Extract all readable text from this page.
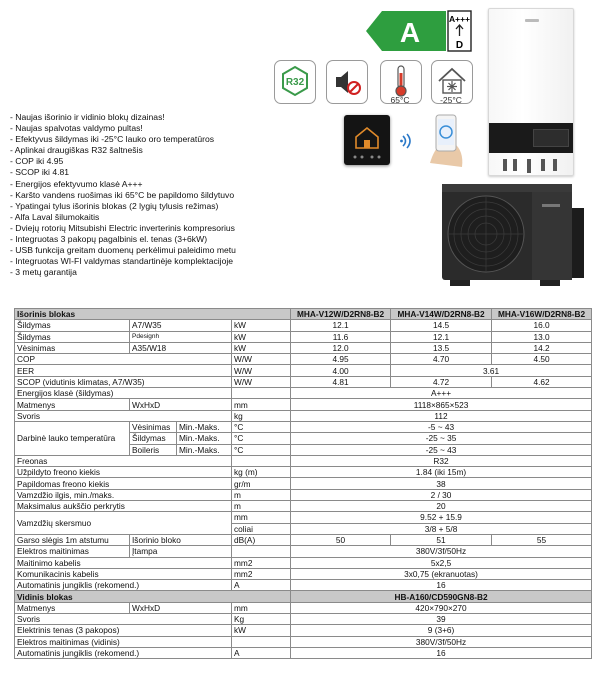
A	A+++
D
R32
65°C	-25°C
- Naujas išorinio ir vidinio blokų dizainas!
- Naujas spalvotas valdymo pultas!
- Efektyvus šildymas iki -25°C lauko oro temperatūros
- Aplinkai draugiškas R32 šaltnešis
- COP iki 4.95
- SCOP iki 4.81
- Energijos efektyvumo klasė A+++
- Karšto vandens ruošimas iki 65°C be papildomo šildytuvo
- Ypatingai tylus išorinis blokas (2 lygių tylusis režimas)
- Alfa Laval šilumokaitis
- Dviejų rotorių Mitsubishi Electric inverterinis kompresorius
- Integruotas 3 pakopų pagalbinis el. tenas (3+6kW)
- USB funkcija greitam duomenų perkėlimui paleidimo metu
- Integruotas WI-FI valdymas standartinėje komplektacijoje
- 3 metų garantija
Išorinis blokas				MHA-V12W/D2RN8-B2	MHA-V14W/D2RN8-B2	MHA-V16W/D2RN8-B2
Šildymas	A7/W35		kW	12.1	14.5	16.0
Šildymas	Pdesignh		kW	11.6	12.1	13.0
Vėsinimas	A35/W18		kW	12.0	13.5	14.2
COP			W/W	4.95	4.70	4.50
EER			W/W	4.00	3.61	
SCOP (vidutinis klimatas, A7/W35)			W/W	4.81	4.72	4.62
Energijos klasė (šildymas)				A+++		
Matmenys	WxHxD		mm	1118×865×523		
Svoris			kg	112		
Darbinė lauko temperatūra	Vėsinimas	Min.-Maks.	°C	-5 ~ 43		
	Šildymas	Min.-Maks.	°C	-25 ~ 35		
	Boileris	Min.-Maks.	°C	-25 ~ 43		
Freonas				R32		
Užpildyto freono kiekis			kg (m)	1.84 (iki 15m)		
Papildomas freono kiekis			gr/m	38		
Vamzdžio ilgis, min./maks.			m	2 / 30		
Maksimalus aukščio perkrytis			m	20		
Vamzdžių skersmuo			mm	9.52 + 15.9		
			coliai	3/8 + 5/8		
Garso slėgis 1m atstumu	Išorinio bloko		dB(A)	50	51	55
Elektros maitinimas	Įtampa			380V/3f/50Hz		
Maitinimo kabelis			mm2	5x2,5		
Komunikacinis kabelis			mm2	3x0,75 (ekranuotas)		
Automatinis jungiklis (rekomend.)			A	16		
Vidinis blokas				HB-A160/CD590GN8-B2		
Matmenys	WxHxD		mm	420×790×270		
Svoris			Kg	39		
Elektrinis tenas (3 pakopos)			kW	9 (3+6)		
Elektros maitinimas (vidinis)				380V/3f/50Hz		
Automatinis jungiklis (rekomend.)			A	16		
